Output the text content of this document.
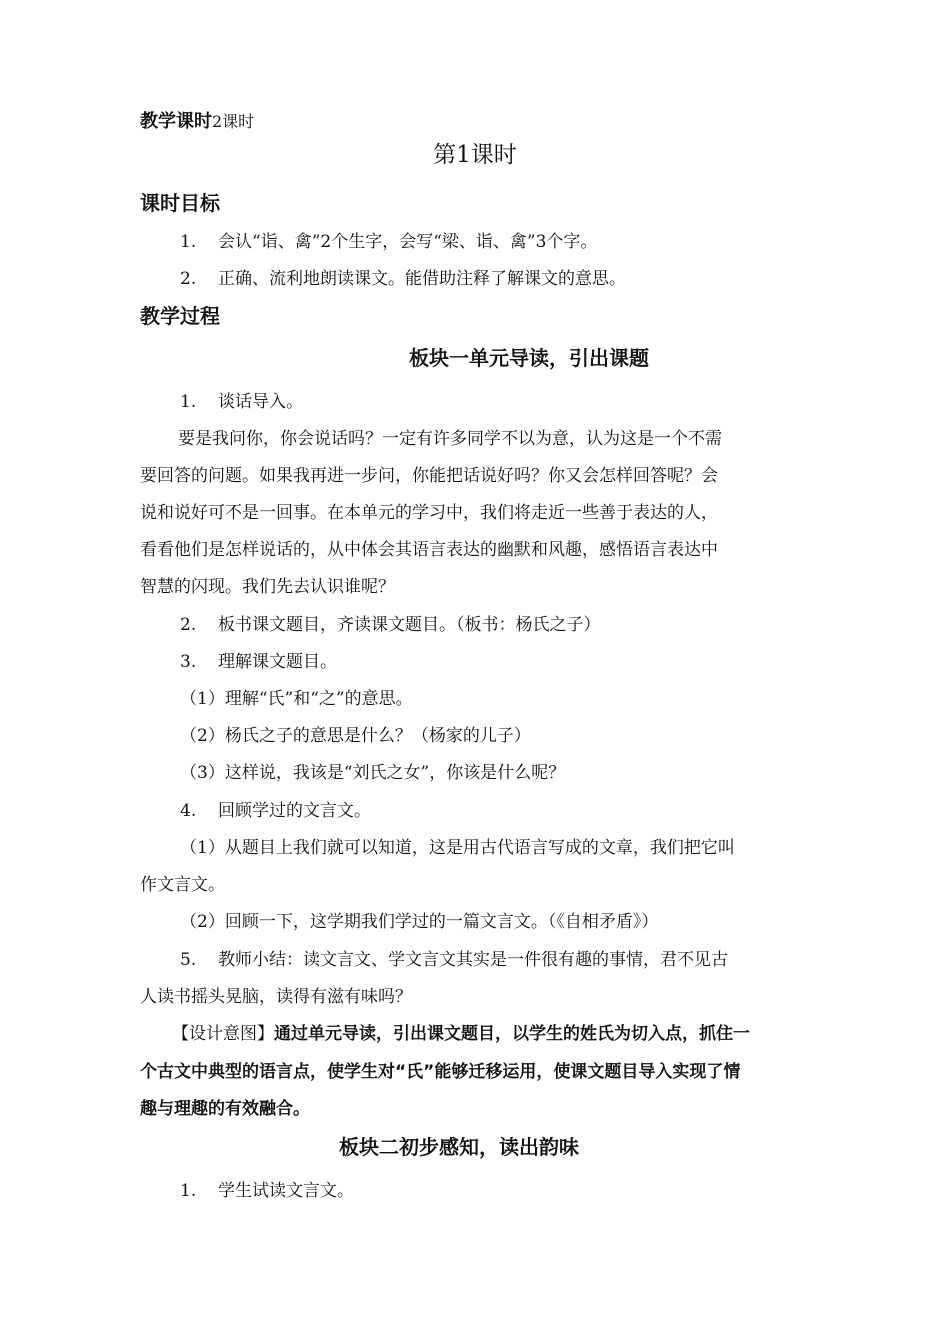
教学课时2课时
第1课时
课时目标
1. 会认“诣、禽”2个生字，会写“梁、诣、禽”3个字。
2. 正确、流利地朗读课文。能借助注释了解课文的意思。
教学过程
板块一单元导读，引出课题
1. 谈话导入。
要是我问你，你会说话吗？一定有许多同学不以为意，认为这是一个不需
要回答的问题。如果我再进一步问，你能把话说好吗？你又会怎样回答呢？会
说和说好可不是一回事。在本单元的学习中，我们将走近一些善于表达的人，
看看他们是怎样说话的，从中体会其语言表达的幽默和风趣，感悟语言表达中
智慧的闪现。我们先去认识谁呢？
2. 板书课文题目，齐读课文题目。（板书：杨氏之子）
3. 理解课文题目。
（1）理解“氏”和“之”的意思。
（2）杨氏之子的意思是什么？（杨家的儿子）
（3）这样说，我该是“刘氏之女”，你该是什么呢？
4. 回顾学过的文言文。
（1）从题目上我们就可以知道，这是用古代语言写成的文章，我们把它叫
作文言文。
（2）回顾一下，这学期我们学过的一篇文言文。（《自相矛盾》）
5. 教师小结：读文言文、学文言文其实是一件很有趣的事情，君不见古
人读书摇头晃脑，读得有滋有味吗？
【设计意图】通过单元导读，引出课文题目，以学生的姓氏为切入点，抓住一
个古文中典型的语言点，使学生对“氏”能够迁移运用，使课文题目导入实现了情
趣与理趣的有效融合。
板块二初步感知，读出韵味
1. 学生试读文言文。
